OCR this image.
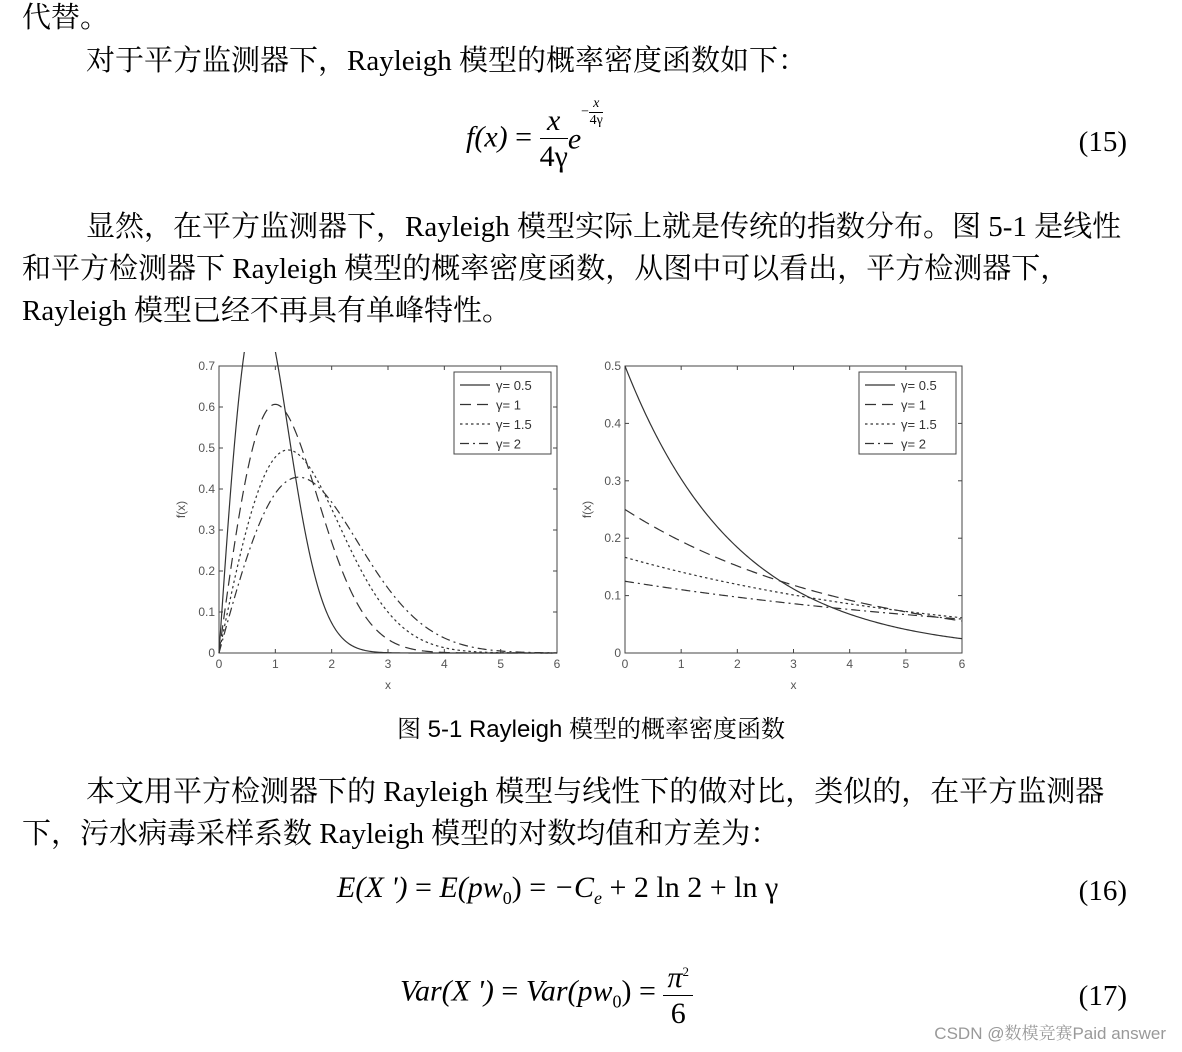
代替。

对于平方监测器下，Rayleigh 模型的概率密度函数如下：

$f(x) = \frac{x}{4\gamma} e- \frac{x}{4\gamma}$
(15)

显然，在平方监测器下，Rayleigh 模型实际上就是传统的指数分布。图 5-1 是线性和平方检测器下 Rayleigh 模型的概率密度函数，从图中可以看出，平方检测器下，Rayleigh 模型已经不再具有单峰特性。

0	1	2	3	4	5	6
0
0.1
0.2
0.3
0.4
0.5
0.6
0.7
x
f(x)
γ= 0.5
γ= 1
γ= 1.5
γ= 2
0	1	2	3	4	5	6
0
0.1
0.2
0.3
0.4
0.5
x
f(x)
γ= 0.5
γ= 1
γ= 1.5
γ= 2
图 5-1 Rayleigh 模型的概率密度函数

本文用平方检测器下的 Rayleigh 模型与线性下的做对比，类似的，在平方监测器下，污水病毒采样系数 Rayleigh 模型的对数均值和方差为：

E(X ') = $E(pw_0) = -C_e + 2$ ln 2 + ln γ	(16)
Var(X ') = $Var(pw_0) = \frac{\pi^2}{6}$	(17)
CSDN @数模竞赛Paid answer
